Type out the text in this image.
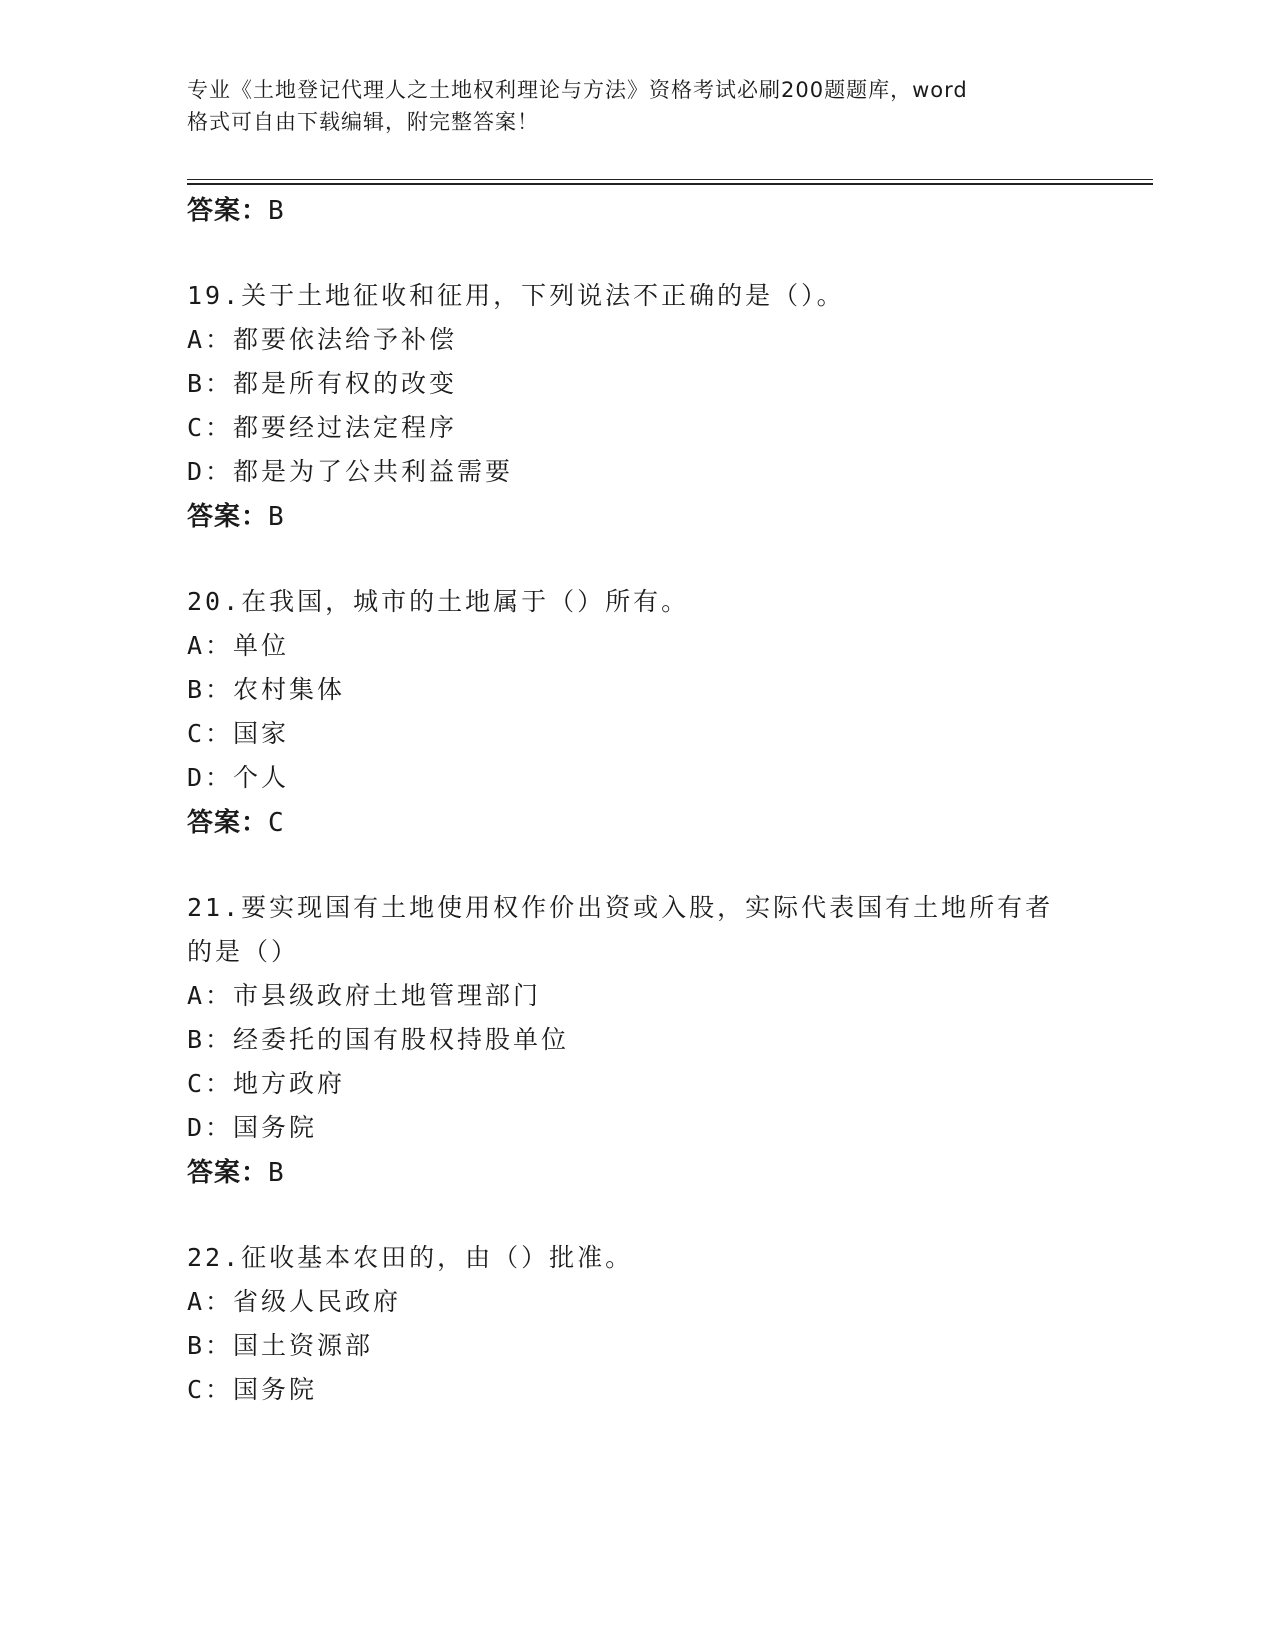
专业《土地登记代理人之土地权利理论与方法》资格考试必刷200题题库，word
格式可自由下载编辑，附完整答案！
答案：B
19.关于土地征收和征用，下列说法不正确的是（）。
A：都要依法给予补偿
B：都是所有权的改变
C：都要经过法定程序
D：都是为了公共利益需要
答案：B
20.在我国，城市的土地属于（）所有。
A：单位
B：农村集体
C：国家
D：个人
答案：C
21.要实现国有土地使用权作价出资或入股，实际代表国有土地所有者
的是（）
A：市县级政府土地管理部门
B：经委托的国有股权持股单位
C：地方政府
D：国务院
答案：B
22.征收基本农田的，由（）批准。
A：省级人民政府
B：国土资源部
C：国务院
